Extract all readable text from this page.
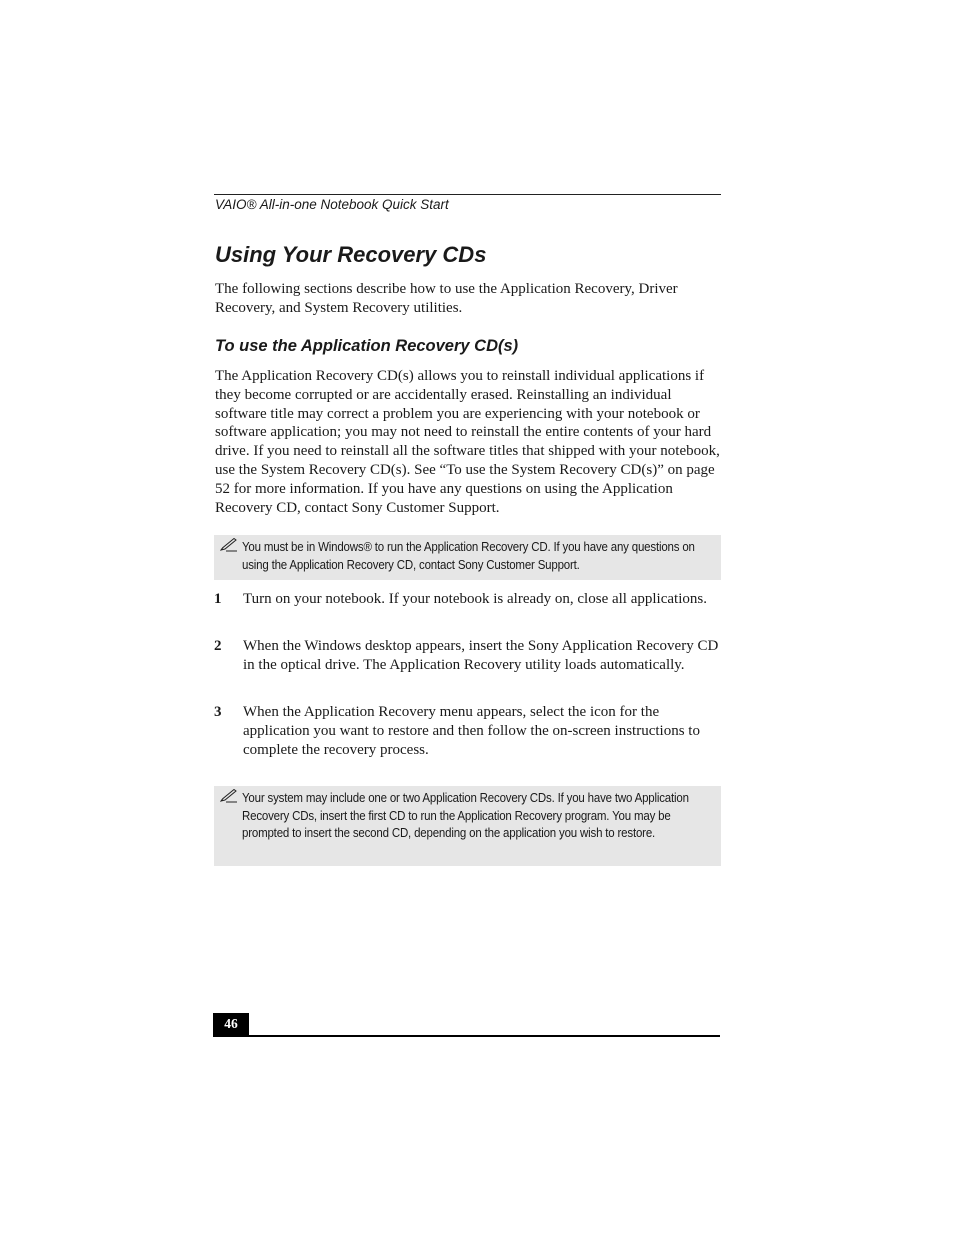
VAIO® All-in-one Notebook Quick Start
Using Your Recovery CDs

The following sections describe how to use the Application Recovery, Driver Recovery, and System Recovery utilities.

To use the Application Recovery CD(s)

The Application Recovery CD(s) allows you to reinstall individual applications if they become corrupted or are accidentally erased. Reinstalling an individual software title may correct a problem you are experiencing with your notebook or software application; you may not need to reinstall the entire contents of your hard drive. If you need to reinstall all the software titles that shipped with your notebook, use the System Recovery CD(s). See “To use the System Recovery CD(s)” on page 52 for more information. If you have any questions on using the Application Recovery CD, contact Sony Customer Support.

You must be in Windows® to run the Application Recovery CD. If you have any questions on using the Application Recovery CD, contact Sony Customer Support.
1 Turn on your notebook. If your notebook is already on, close all applications.
2 When the Windows desktop appears, insert the Sony Application Recovery CD in the optical drive. The Application Recovery utility loads automatically.
3 When the Application Recovery menu appears, select the icon for the application you want to restore and then follow the on-screen instructions to complete the recovery process.
Your system may include one or two Application Recovery CDs. If you have two Application Recovery CDs, insert the first CD to run the Application Recovery program. You may be prompted to insert the second CD, depending on the application you wish to restore.
46
